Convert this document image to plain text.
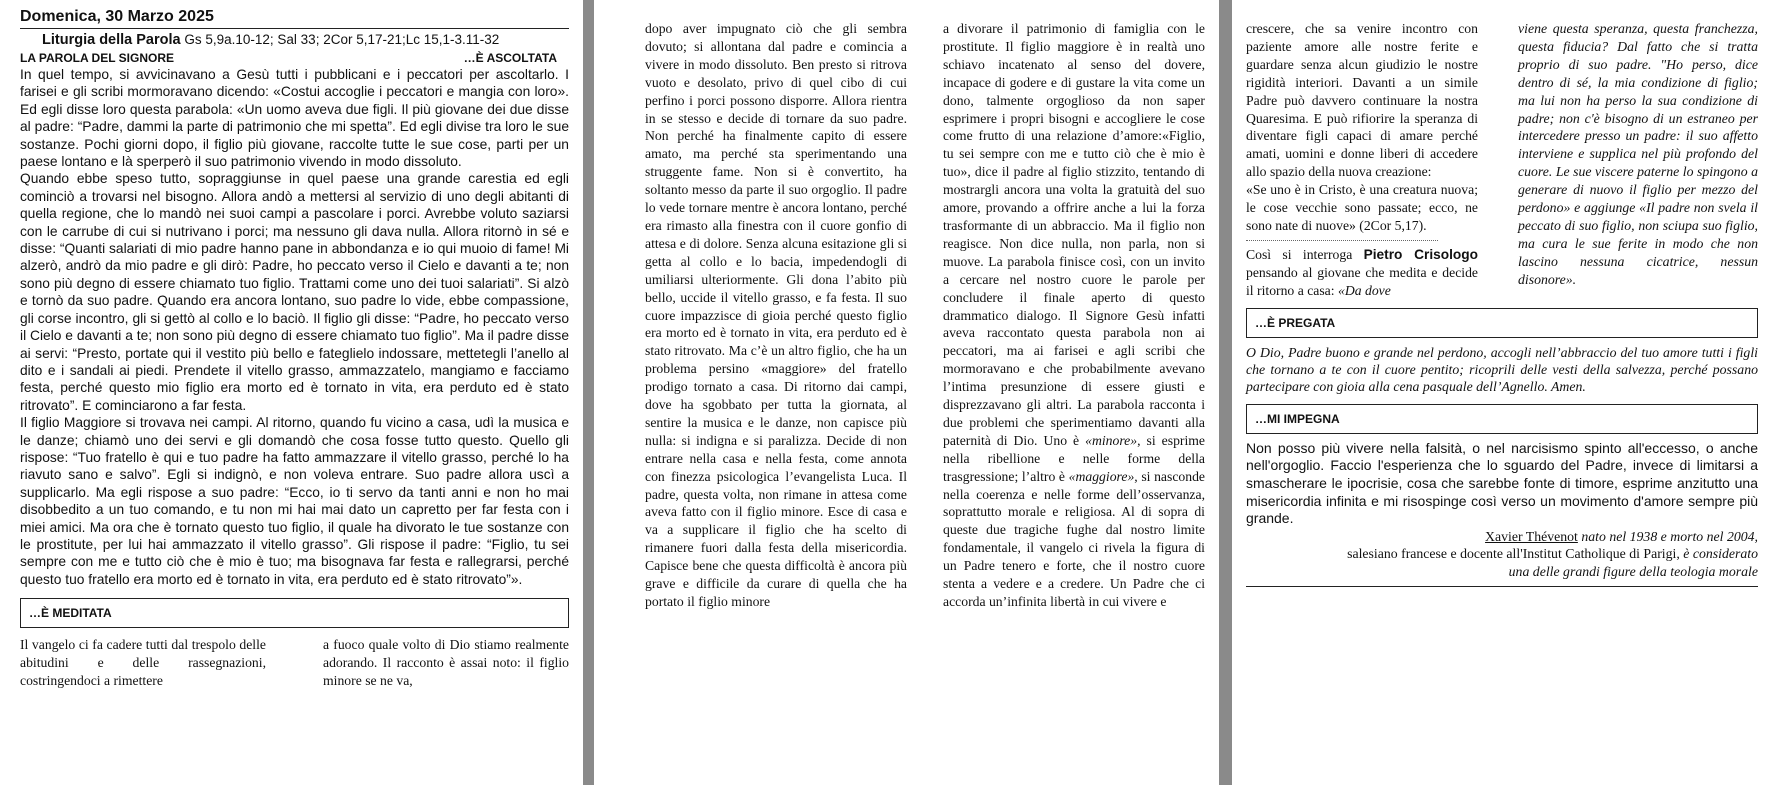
Domenica, 30 Marzo 2025
Liturgia della Parola Gs 5,9a.10-12; Sal 33; 2Cor 5,17-21;Lc 15,1-3.11-32
LA PAROLA DEL SIGNORE	…È ASCOLTATA

In quel tempo, si avvicinavano a Gesù tutti i pubblicani e i peccatori per ascoltarlo. I farisei e gli scribi mormoravano dicendo: «Costui accoglie i peccatori e mangia con loro». Ed egli disse loro questa parabola: «Un uomo aveva due figli. Il più giovane dei due disse al padre: “Padre, dammi la parte di patrimonio che mi spetta”. Ed egli divise tra loro le sue sostanze. Pochi giorni dopo, il figlio più giovane, raccolte tutte le sue cose, parti per un paese lontano e là sperperò il suo patrimonio vivendo in modo dissoluto.

Quando ebbe speso tutto, sopraggiunse in quel paese una grande carestia ed egli cominciò a trovarsi nel bisogno. Allora andò a mettersi al servizio di uno degli abitanti di quella regione, che lo mandò nei suoi campi a pascolare i porci. Avrebbe voluto saziarsi con le carrube di cui si nutrivano i porci; ma nessuno gli dava nulla. Allora ritornò in sé e disse: “Quanti salariati di mio padre hanno pane in abbondanza e io qui muoio di fame! Mi alzerò, andrò da mio padre e gli dirò: Padre, ho peccato verso il Cielo e davanti a te; non sono più degno di essere chiamato tuo figlio. Trattami come uno dei tuoi salariati”. Si alzò e tornò da suo padre. Quando era ancora lontano, suo padre lo vide, ebbe compassione, gli corse incontro, gli si gettò al collo e lo baciò. Il figlio gli disse: “Padre, ho peccato verso il Cielo e davanti a te; non sono più degno di essere chiamato tuo figlio”. Ma il padre disse ai servi: “Presto, portate qui il vestito più bello e fateglielo indossare, mettetegli l’anello al dito e i sandali ai piedi. Prendete il vitello grasso, ammazzatelo, mangiamo e facciamo festa, perché questo mio figlio era morto ed è tornato in vita, era perduto ed è stato ritrovato”. E cominciarono a far festa.

Il figlio Maggiore si trovava nei campi. Al ritorno, quando fu vicino a casa, udì la musica e le danze; chiamò uno dei servi e gli domandò che cosa fosse tutto questo. Quello gli rispose: “Tuo fratello è qui e tuo padre ha fatto ammazzare il vitello grasso, perché lo ha riavuto sano e salvo”. Egli si indignò, e non voleva entrare. Suo padre allora uscì a supplicarlo. Ma egli rispose a suo padre: “Ecco, io ti servo da tanti anni e non ho mai disobbedito a un tuo comando, e tu non mi hai mai dato un capretto per far festa con i miei amici. Ma ora che è tornato questo tuo figlio, il quale ha divorato le tue sostanze con le prostitute, per lui hai ammazzato il vitello grasso”. Gli rispose il padre: “Figlio, tu sei sempre con me e tutto ciò che è mio è tuo; ma bisognava far festa e rallegrarsi, perché questo tuo fratello era morto ed è tornato in vita, era perduto ed è stato ritrovato”».

…È MEDITATA
Il vangelo ci fa cadere tutti dal trespolo delle abitudini e delle rassegnazioni, costringendoci a rimettere
a fuoco quale volto di Dio stiamo realmente adorando. Il racconto è assai noto: il figlio minore se ne va,
dopo aver impugnato ciò che gli sembra dovuto; si allontana dal padre e comincia a vivere in modo dissoluto. Ben presto si ritrova vuoto e desolato, privo di quel cibo di cui perfino i porci possono disporre. Allora rientra in se stesso e decide di tornare da suo padre. Non perché ha finalmente capito di essere amato, ma perché sta sperimentando una struggente fame. Non si è convertito, ha soltanto messo da parte il suo orgoglio. Il padre lo vede tornare mentre è ancora lontano, perché era rimasto alla finestra con il cuore gonfio di attesa e di dolore. Senza alcuna esitazione gli si getta al collo e lo bacia, impedendogli di umiliarsi ulteriormente. Gli dona l’abito più bello, uccide il vitello grasso, e fa festa. Il suo cuore impazzisce di gioia perché questo figlio era morto ed è tornato in vita, era perduto ed è stato ritrovato. Ma c’è un altro figlio, che ha un problema persino «maggiore» del fratello prodigo tornato a casa. Di ritorno dai campi, dove ha sgobbato per tutta la giornata, al sentire la musica e le danze, non capisce più nulla: si indigna e si paralizza. Decide di non entrare nella casa e nella festa, come annota con finezza psicologica l’evangelista Luca. Il padre, questa volta, non rimane in attesa come aveva fatto con il figlio minore. Esce di casa e va a supplicare il figlio che ha scelto di rimanere fuori dalla festa della misericordia. Capisce bene che questa difficoltà è ancora più grave e difficile da curare di quella che ha portato il figlio minore
a divorare il patrimonio di famiglia con le prostitute. Il figlio maggiore è in realtà uno schiavo incatenato al senso del dovere, incapace di godere e di gustare la vita come un dono, talmente orgoglioso da non saper esprimere i propri bisogni e accogliere le cose come frutto di una relazione d’amore:«Figlio, tu sei sempre con me e tutto ciò che è mio è tuo», dice il padre al figlio stizzito, tentando di mostrargli ancora una volta la gratuità del suo amore, provando a offrire anche a lui la forza trasformante di un abbraccio. Ma il figlio non reagisce. Non dice nulla, non parla, non si muove. La parabola finisce così, con un invito a cercare nel nostro cuore le parole per concludere il finale aperto di questo drammatico dialogo. Il Signore Gesù infatti aveva raccontato questa parabola non ai peccatori, ma ai farisei e agli scribi che mormoravano e che probabilmente avevano l’intima presunzione di essere giusti e disprezzavano gli altri. La parabola racconta i due problemi che sperimentiamo davanti alla paternità di Dio. Uno è «minore», si esprime nella ribellione e nelle forme della trasgressione; l’altro è «maggiore», si nasconde nella coerenza e nelle forme dell’osservanza, soprattutto morale e religiosa. Al di sopra di queste due tragiche fughe dal nostro limite fondamentale, il vangelo ci rivela la figura di un Padre tenero e forte, che il nostro cuore stenta a vedere e a credere. Un Padre che ci accorda un’infinita libertà in cui vivere e
crescere, che sa venire incontro con paziente amore alle nostre ferite e guardare senza alcun giudizio le nostre rigidità interiori. Davanti a un simile Padre può davvero continuare la nostra Quaresima. E può rifiorire la speranza di diventare figli capaci di amare perché amati, uomini e donne liberi di accedere allo spazio della nuova creazione:
«Se uno è in Cristo, è una creatura nuova; le cose vecchie sono passate; ecco, ne sono nate di nuove» (2Cor 5,17).
Così si interroga Pietro Crisologo pensando al giovane che medita e decide il ritorno a casa: «Da dove
viene questa speranza, questa franchezza, questa fiducia? Dal fatto che si tratta proprio di suo padre. "Ho perso, dice dentro di sé, la mia condizione di figlio; ma lui non ha perso la sua condizione di padre; non c'è bisogno di un estraneo per intercedere presso un padre: il suo affetto interviene e supplica nel più profondo del cuore. Le sue viscere paterne lo spingono a generare di nuovo il figlio per mezzo del perdono» e aggiunge «Il padre non svela il peccato di suo figlio, non sciupa suo figlio, ma cura le sue ferite in modo che non lascino nessuna cicatrice, nessun disonore».
…È PREGATA
O Dio, Padre buono e grande nel perdono, accogli nell’abbraccio del tuo amore tutti i figli che tornano a te con il cuore pentito; ricoprili delle vesti della salvezza, perché possano partecipare con gioia alla cena pasquale dell’Agnello. Amen.
…MI IMPEGNA
Non posso più vivere nella falsità, o nel narcisismo spinto all'eccesso, o anche nell'orgoglio. Faccio l'esperienza che lo sguardo del Padre, invece di limitarsi a smascherare le ipocrisie, cosa che sarebbe fonte di timore, esprime anzitutto una misericordia infinita e mi risospinge così verso un movimento d'amore sempre più grande.
Xavier Thévenot nato nel 1938 e morto nel 2004,
salesiano francese e docente all'Institut Catholique di Parigi, è considerato
una delle grandi figure della teologia morale
